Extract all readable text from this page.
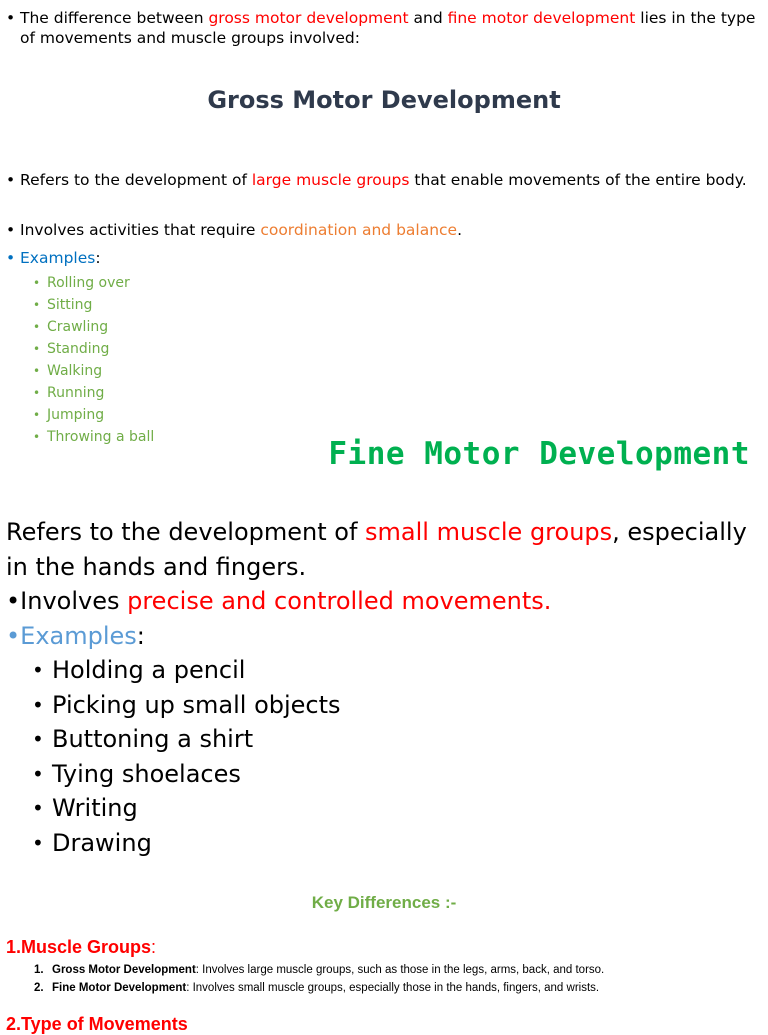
• The difference between gross motor development and fine motor development lies in the type of movements and muscle groups involved:
Gross Motor Development
• Refers to the development of large muscle groups that enable movements of the entire body.
• Involves activities that require coordination and balance.
• Examples:
• Rolling over
• Sitting
• Crawling
• Standing
• Walking
• Running
• Jumping
• Throwing a ball	Fine Motor Development
Refers to the development of small muscle groups, especially in the hands and fingers.
•Involves precise and controlled movements.
•Examples:
• Holding a pencil
• Picking up small objects
• Buttoning a shirt
• Tying shoelaces
• Writing
• Drawing
Key Differences :-
1.Muscle Groups:
1. Gross Motor Development: Involves large muscle groups, such as those in the legs, arms, back, and torso.
2. Fine Motor Development: Involves small muscle groups, especially those in the hands, fingers, and wrists.
2.Type of Movements
